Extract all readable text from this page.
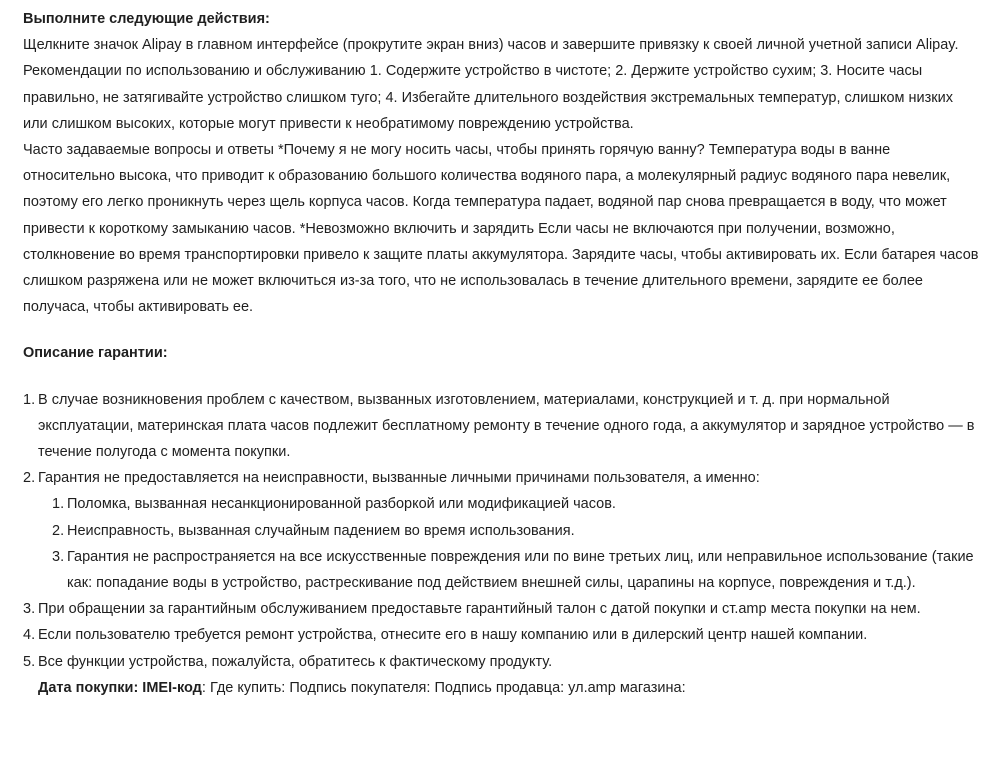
Выполните следующие действия:

Щелкните значок Alipay в главном интерфейсе (прокрутите экран вниз) часов и завершите привязку к своей личной учетной записи Alipay.

Рекомендации по использованию и обслуживанию 1. Содержите устройство в чистоте; 2. Держите устройство сухим; 3. Носите часы правильно, не затягивайте устройство слишком туго; 4. Избегайте длительного воздействия экстремальных температур, слишком низких или слишком высоких, которые могут привести к необратимому повреждению устройства.

Часто задаваемые вопросы и ответы *Почему я не могу носить часы, чтобы принять горячую ванну? Температура воды в ванне относительно высока, что приводит к образованию большого количества водяного пара, а молекулярный радиус водяного пара невелик, поэтому его легко проникнуть через щель корпуса часов. Когда температура падает, водяной пар снова превращается в воду, что может привести к короткому замыканию часов. *Невозможно включить и зарядить Если часы не включаются при получении, возможно, столкновение во время транспортировки привело к защите платы аккумулятора. Зарядите часы, чтобы активировать их. Если батарея часов слишком разряжена или не может включиться из-за того, что не использовалась в течение длительного времени, зарядите ее более получаса, чтобы активировать ее.

Описание гарантии:

1. В случае возникновения проблем с качеством, вызванных изготовлением, материалами, конструкцией и т. д. при нормальной эксплуатации, материнская плата часов подлежит бесплатному ремонту в течение одного года, а аккумулятор и зарядное устройство — в течение полугода с момента покупки.
2. Гарантия не предоставляется на неисправности, вызванные личными причинами пользователя, а именно:
1. Поломка, вызванная несанкционированной разборкой или модификацией часов.
2. Неисправность, вызванная случайным падением во время использования.
3. Гарантия не распространяется на все искусственные повреждения или по вине третьих лиц, или неправильное использование (такие как: попадание воды в устройство, растрескивание под действием внешней силы, царапины на корпусе, повреждения и т.д.).
3. При обращении за гарантийным обслуживанием предоставьте гарантийный талон с датой покупки и ст.amp места покупки на нем.
4. Если пользователю требуется ремонт устройства, отнесите его в нашу компанию или в дилерский центр нашей компании.
5. Все функции устройства, пожалуйста, обратитесь к фактическому продукту.

Дата покупки: IMEI-код: Где купить: Подпись покупателя: Подпись продавца: ул.amp магазина:
